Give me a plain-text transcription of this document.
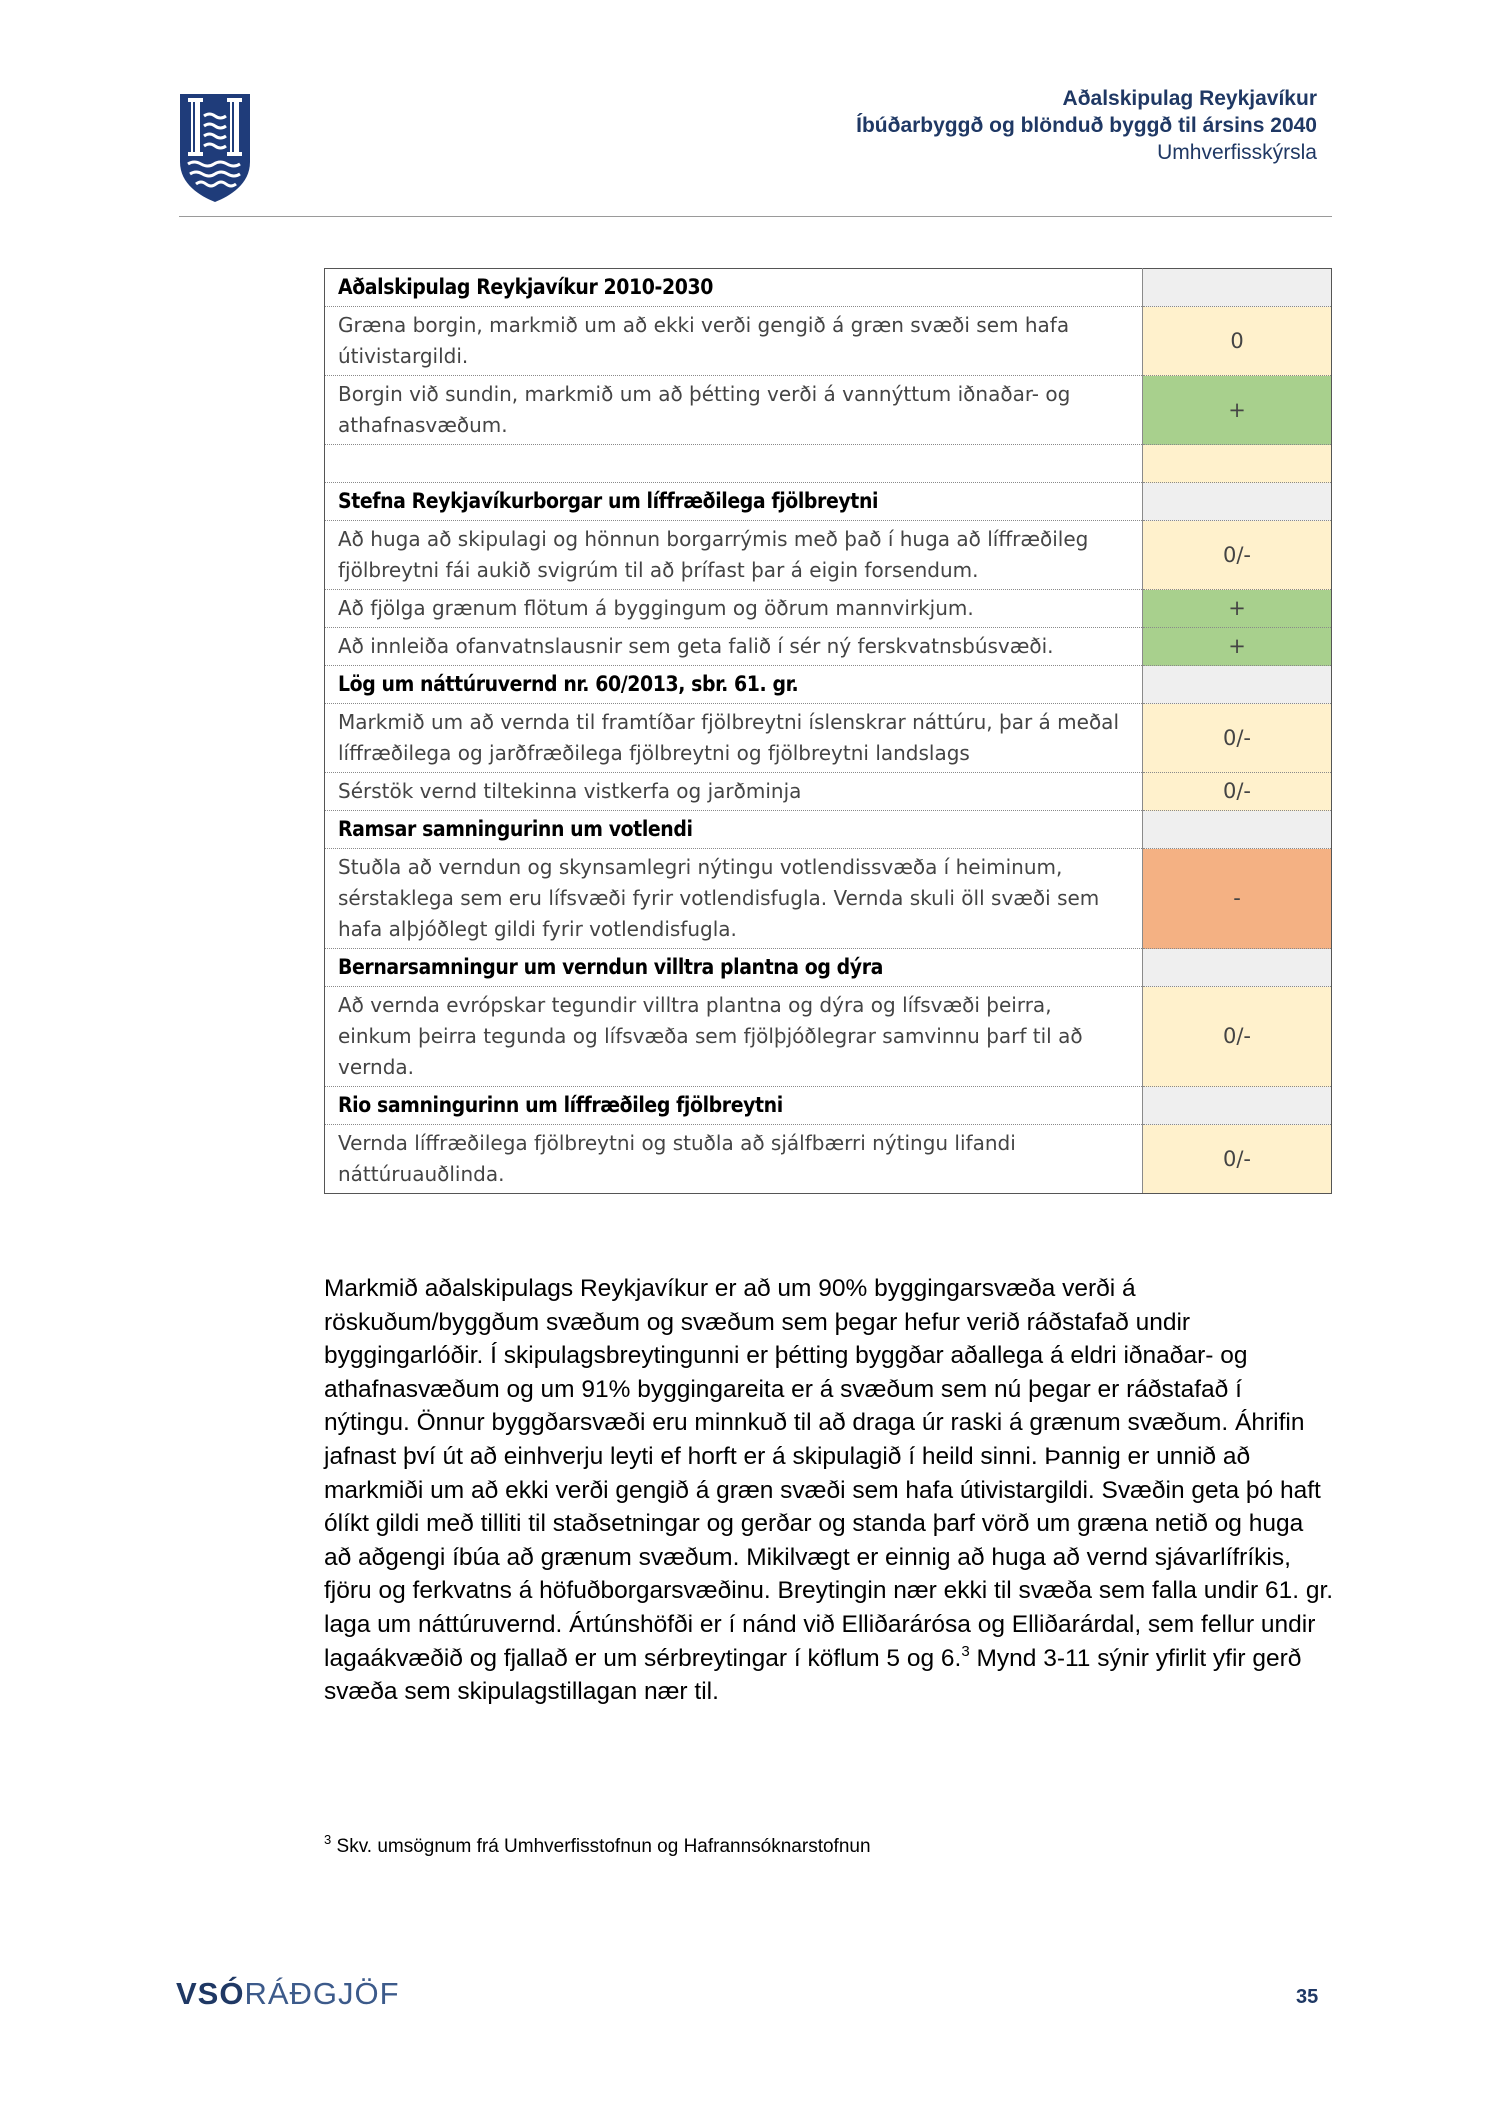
Aðalskipulag Reykjavíkur
Íbúðarbyggð og blönduð byggð til ársins 2040
Umhverfisskýrsla
Aðalskipulag Reykjavíkur 2010-2030	
Græna borgin, markmið um að ekki verði gengið á græn svæði sem hafa útivistargildi.	0
Borgin við sundin, markmið um að þétting verði á vannýttum iðnaðar- og athafnasvæðum.	+

Stefna Reykjavíkurborgar um líffræðilega fjölbreytni	
Að huga að skipulagi og hönnun borgarrýmis með það í huga að líffræðileg fjölbreytni fái aukið svigrúm til að þrífast þar á eigin forsendum.	0/-
Að fjölga grænum flötum á byggingum og öðrum mannvirkjum.	+
Að innleiða ofanvatnslausnir sem geta falið í sér ný ferskvatnsbúsvæði.	+
Lög um náttúruvernd nr. 60/2013, sbr. 61. gr.	
Markmið um að vernda til framtíðar fjölbreytni íslenskrar náttúru, þar á meðal líffræðilega og jarðfræðilega fjölbreytni og fjölbreytni landslags	0/-
Sérstök vernd tiltekinna vistkerfa og jarðminja	0/-
Ramsar samningurinn um votlendi	
Stuðla að verndun og skynsamlegri nýtingu votlendissvæða í heiminum, sérstaklega sem eru lífsvæði fyrir votlendisfugla. Vernda skuli öll svæði sem hafa alþjóðlegt gildi fyrir votlendisfugla.	-
Bernarsamningur um verndun villtra plantna og dýra	
Að vernda evrópskar tegundir villtra plantna og dýra og lífsvæði þeirra, einkum þeirra tegunda og lífsvæða sem fjölþjóðlegrar samvinnu þarf til að vernda.	0/-
Rio samningurinn um líffræðileg fjölbreytni	
Vernda líffræðilega fjölbreytni og stuðla að sjálfbærri nýtingu lifandi náttúruauðlinda.	0/-
Markmið aðalskipulags Reykjavíkur er að um 90% byggingarsvæða verði á röskuðum/byggðum svæðum og svæðum sem þegar hefur verið ráðstafað undir byggingarlóðir. Í skipulagsbreytingunni er þétting byggðar aðallega á eldri iðnaðar- og athafnasvæðum og um 91% byggingareita er á svæðum sem nú þegar er ráðstafað í nýtingu. Önnur byggðarsvæði eru minnkuð til að draga úr raski á grænum svæðum. Áhrifin jafnast því út að einhverju leyti ef horft er á skipulagið í heild sinni. Þannig er unnið að markmiði um að ekki verði gengið á græn svæði sem hafa útivistargildi. Svæðin geta þó haft ólíkt gildi með tilliti til staðsetningar og gerðar og standa þarf vörð um græna netið og huga að aðgengi íbúa að grænum svæðum. Mikilvægt er einnig að huga að vernd sjávarlífríkis, fjöru og ferkvatns á höfuðborgarsvæðinu. Breytingin nær ekki til svæða sem falla undir 61. gr. laga um náttúruvernd. Ártúnshöfði er í nánd við Elliðarárósa og Elliðarárdal, sem fellur undir lagaákvæðið og fjallað er um sérbreytingar í köflum 5 og 6.$^3$ Mynd 3-11 sýnir yfirlit yfir gerð svæða sem skipulagstillagan nær til.
$^3$ Skv. umsögnum frá Umhverfisstofnun og Hafrannsóknarstofnun
VSÓRÁÐGJÖF	35
